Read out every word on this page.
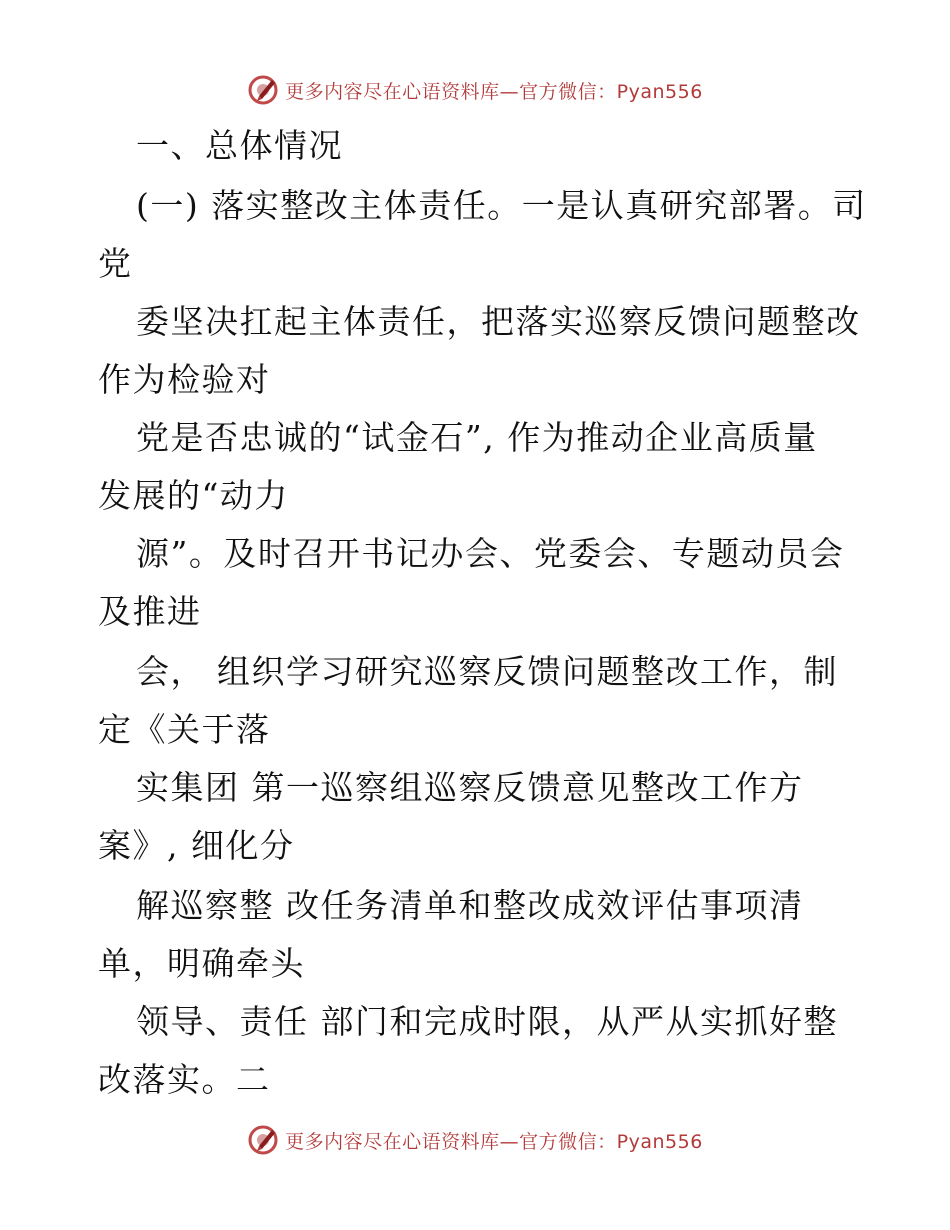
更多内容尽在心语资料库—官方微信：Pyan556
一、总体情况
(一) 落实整改主体责任。一是认真研究部署。司
党
委坚决扛起主体责任，把落实巡察反馈问题整改
作为检验对
党是否忠诚的“试金石”, 作为推动企业高质量
发展的“动力
源”。及时召开书记办会、党委会、专题动员会
及推进
会， 组织学习研究巡察反馈问题整改工作，制
定《关于落
实集团 第一巡察组巡察反馈意见整改工作方
案》, 细化分
解巡察整 改任务清单和整改成效评估事项清
单，明确牵头
领导、责任 部门和完成时限，从严从实抓好整
改落实。二
更多内容尽在心语资料库—官方微信：Pyan556
